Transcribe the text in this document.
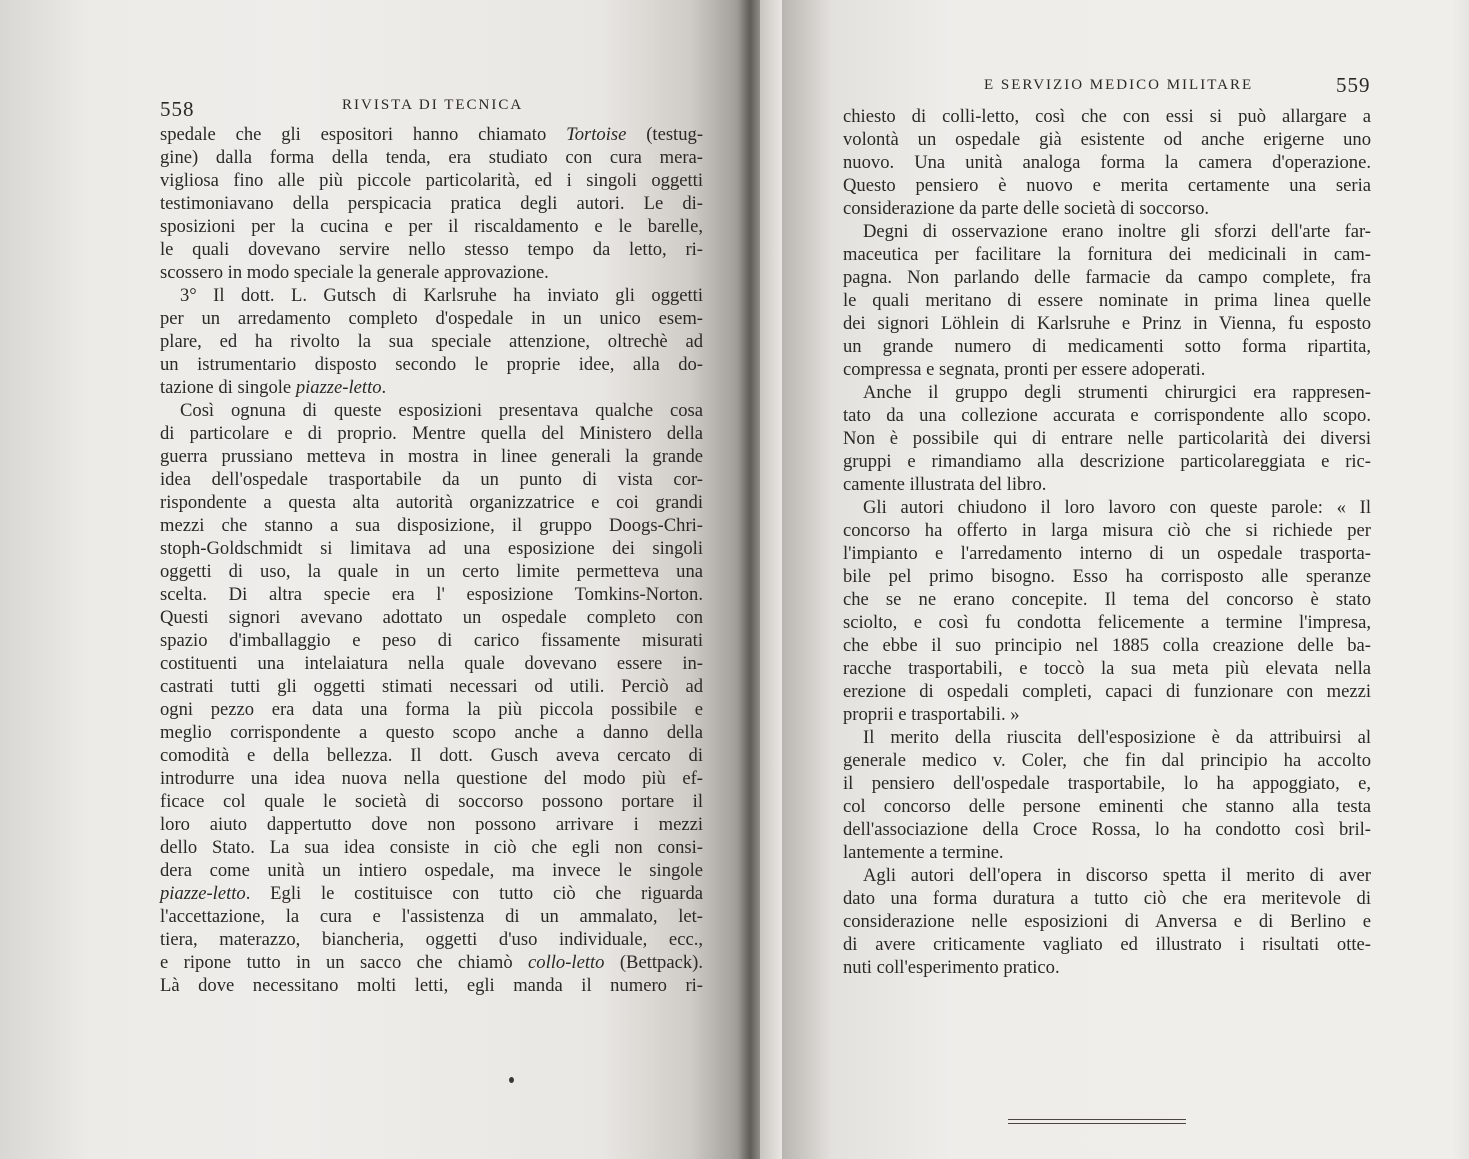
558	RIVISTA DI TECNICA
E SERVIZIO MEDICO MILITARE	559
spedale che gli espositori hanno chiamato Tortoise (testug-
gine) dalla forma della tenda, era studiato con cura mera-
vigliosa fino alle più piccole particolarità, ed i singoli oggetti
testimoniavano della perspicacia pratica degli autori. Le di-
sposizioni per la cucina e per il riscaldamento e le barelle,
le quali dovevano servire nello stesso tempo da letto, ri-
scossero in modo speciale la generale approvazione.
3° Il dott. L. Gutsch di Karlsruhe ha inviato gli oggetti
per un arredamento completo d'ospedale in un unico esem-
plare, ed ha rivolto la sua speciale attenzione, oltrechè ad
un istrumentario disposto secondo le proprie idee, alla do-
tazione di singole piazze-letto.
Così ognuna di queste esposizioni presentava qualche cosa
di particolare e di proprio. Mentre quella del Ministero della
guerra prussiano metteva in mostra in linee generali la grande
idea dell'ospedale trasportabile da un punto di vista cor-
rispondente a questa alta autorità organizzatrice e coi grandi
mezzi che stanno a sua disposizione, il gruppo Doogs-Chri-
stoph-Goldschmidt si limitava ad una esposizione dei singoli
oggetti di uso, la quale in un certo limite permetteva una
scelta. Di altra specie era l' esposizione Tomkins-Norton.
Questi signori avevano adottato un ospedale completo con
spazio d'imballaggio e peso di carico fissamente misurati
costituenti una intelaiatura nella quale dovevano essere in-
castrati tutti gli oggetti stimati necessari od utili. Perciò ad
ogni pezzo era data una forma la più piccola possibile e
meglio corrispondente a questo scopo anche a danno della
comodità e della bellezza. Il dott. Gusch aveva cercato di
introdurre una idea nuova nella questione del modo più ef-
ficace col quale le società di soccorso possono portare il
loro aiuto dappertutto dove non possono arrivare i mezzi
dello Stato. La sua idea consiste in ciò che egli non consi-
dera come unità un intiero ospedale, ma invece le singole
piazze-letto. Egli le costituisce con tutto ciò che riguarda
l'accettazione, la cura e l'assistenza di un ammalato, let-
tiera, materazzo, biancheria, oggetti d'uso individuale, ecc.,
e ripone tutto in un sacco che chiamò collo-letto (Bettpack).
Là dove necessitano molti letti, egli manda il numero ri-
chiesto di colli-letto, così che con essi si può allargare a
volontà un ospedale già esistente od anche erigerne uno
nuovo. Una unità analoga forma la camera d'operazione.
Questo pensiero è nuovo e merita certamente una seria
considerazione da parte delle società di soccorso.
Degni di osservazione erano inoltre gli sforzi dell'arte far-
maceutica per facilitare la fornitura dei medicinali in cam-
pagna. Non parlando delle farmacie da campo complete, fra
le quali meritano di essere nominate in prima linea quelle
dei signori Löhlein di Karlsruhe e Prinz in Vienna, fu esposto
un grande numero di medicamenti sotto forma ripartita,
compressa e segnata, pronti per essere adoperati.
Anche il gruppo degli strumenti chirurgici era rappresen-
tato da una collezione accurata e corrispondente allo scopo.
Non è possibile qui di entrare nelle particolarità dei diversi
gruppi e rimandiamo alla descrizione particolareggiata e ric-
camente illustrata del libro.
Gli autori chiudono il loro lavoro con queste parole: « Il
concorso ha offerto in larga misura ciò che si richiede per
l'impianto e l'arredamento interno di un ospedale trasporta-
bile pel primo bisogno. Esso ha corrisposto alle speranze
che se ne erano concepite. Il tema del concorso è stato
sciolto, e così fu condotta felicemente a termine l'impresa,
che ebbe il suo principio nel 1885 colla creazione delle ba-
racche trasportabili, e toccò la sua meta più elevata nella
erezione di ospedali completi, capaci di funzionare con mezzi
proprii e trasportabili. »
Il merito della riuscita dell'esposizione è da attribuirsi al
generale medico v. Coler, che fin dal principio ha accolto
il pensiero dell'ospedale trasportabile, lo ha appoggiato, e,
col concorso delle persone eminenti che stanno alla testa
dell'associazione della Croce Rossa, lo ha condotto così bril-
lantemente a termine.
Agli autori dell'opera in discorso spetta il merito di aver
dato una forma duratura a tutto ciò che era meritevole di
considerazione nelle esposizioni di Anversa e di Berlino e
di avere criticamente vagliato ed illustrato i risultati otte-
nuti coll'esperimento pratico.
